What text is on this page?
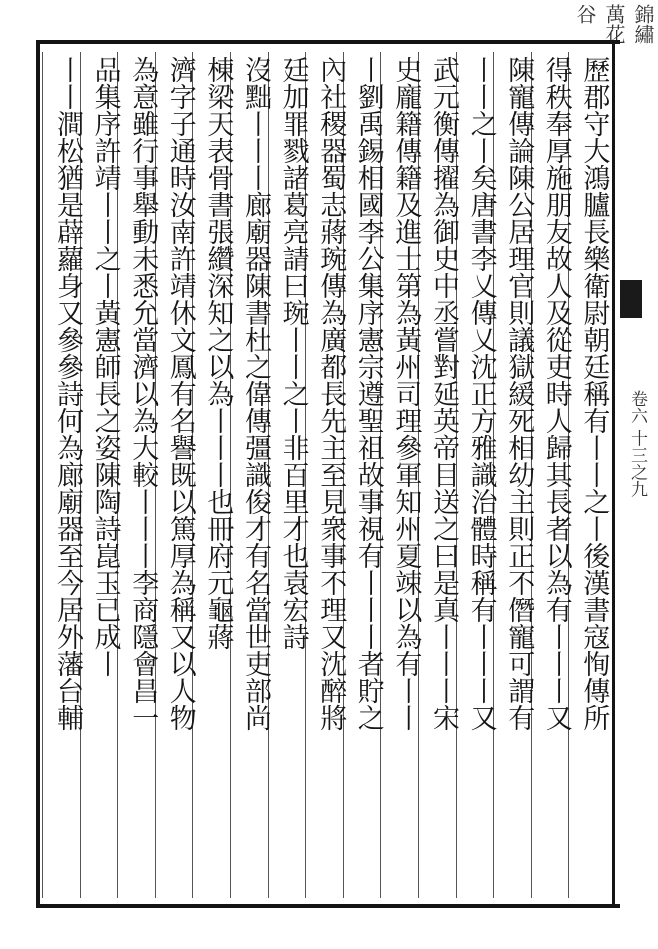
錦繡萬花谷
卷六 十三之九
歷郡守大鴻臚長樂衛尉朝廷稱有丨丨之丨後漢書寇恂傳所
得秩奉厚施朋友故人及從吏時人歸其長者以為有丨丨丨又
陳寵傳論陳公居理官則議獄緩死相幼主則正不僭寵可謂有
丨丨之丨矣唐書李乂傳乂沈正方雅識治體時稱有丨丨丨又
武元衡傳擢為御史中丞嘗對延英帝目送之曰是真丨丨丨宋
史龐籍傳籍及進士第為黃州司理參軍知州夏竦以為有丨丨
丨劉禹錫相國李公集序憲宗遵聖祖故事視有丨丨丨者貯之
內社稷器蜀志蔣琬傳為廣都長先主至見衆事不理又沈醉將
廷加罪戮諸葛亮請曰琬丨丨之丨非百里才也袁宏詩
沒黜丨丨丨廊廟器陳書杜之偉傳彊識俊才有名當世吏部尚
棟梁天表骨書張纘深知之以為丨丨丨也冊府元龜蔣
濟字子通時汝南許靖休文鳳有名譽既以篤厚為稱又以人物
為意雖行事舉動未悉允當濟以為大較丨丨丨李商隱會昌一
品集序許靖丨丨之丨黃憲師長之姿陳陶詩崑玉已成丨
丨丨澗松猶是薜蘿身又參參詩何為廊廟器至今居外藩台輔
